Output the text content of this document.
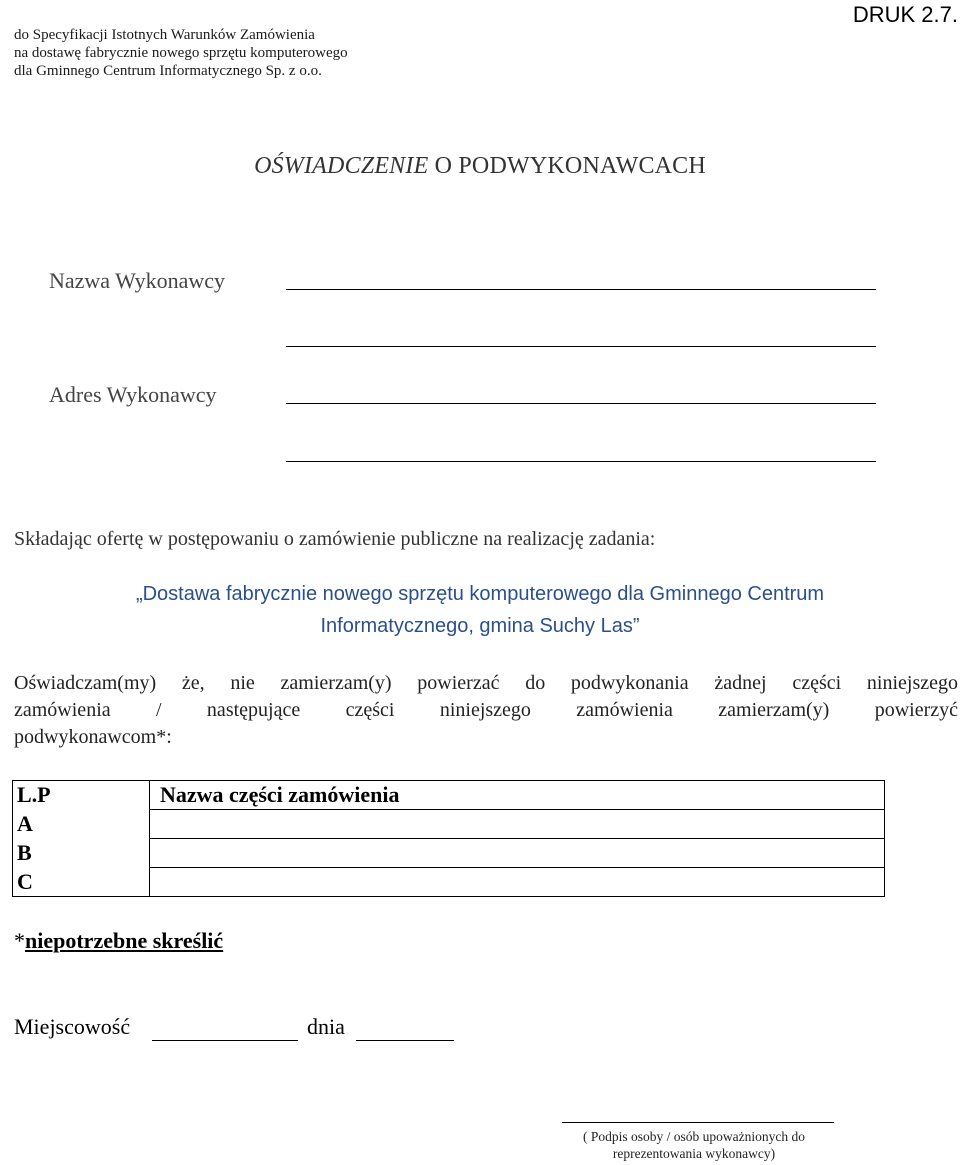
do Specyfikacji Istotnych Warunków Zamówienia
na dostawę fabrycznie nowego sprzętu komputerowego
dla Gminnego Centrum Informatycznego Sp. z o.o.
DRUK 2.7.
OŚWIADCZENIE O PODWYKONAWCACH
Nazwa Wykonawcy
Adres Wykonawcy
Składając ofertę w postępowaniu o zamówienie publiczne na realizację zadania:
„Dostawa fabrycznie nowego sprzętu komputerowego dla Gminnego Centrum
Informatycznego, gmina Suchy Las”
Oświadczam(my) że, nie zamierzam(y) powierzać do podwykonania żadnej części niniejszego
zamówienia / następujące części niniejszego zamówienia zamierzam(y) powierzyć
podwykonawcom*:
L.P	Nazwa części zamówienia
A	
B	
C	
*niepotrzebne skreślić
Miejscowość	dnia
( Podpis osoby / osób upoważnionych do
reprezentowania wykonawcy)
